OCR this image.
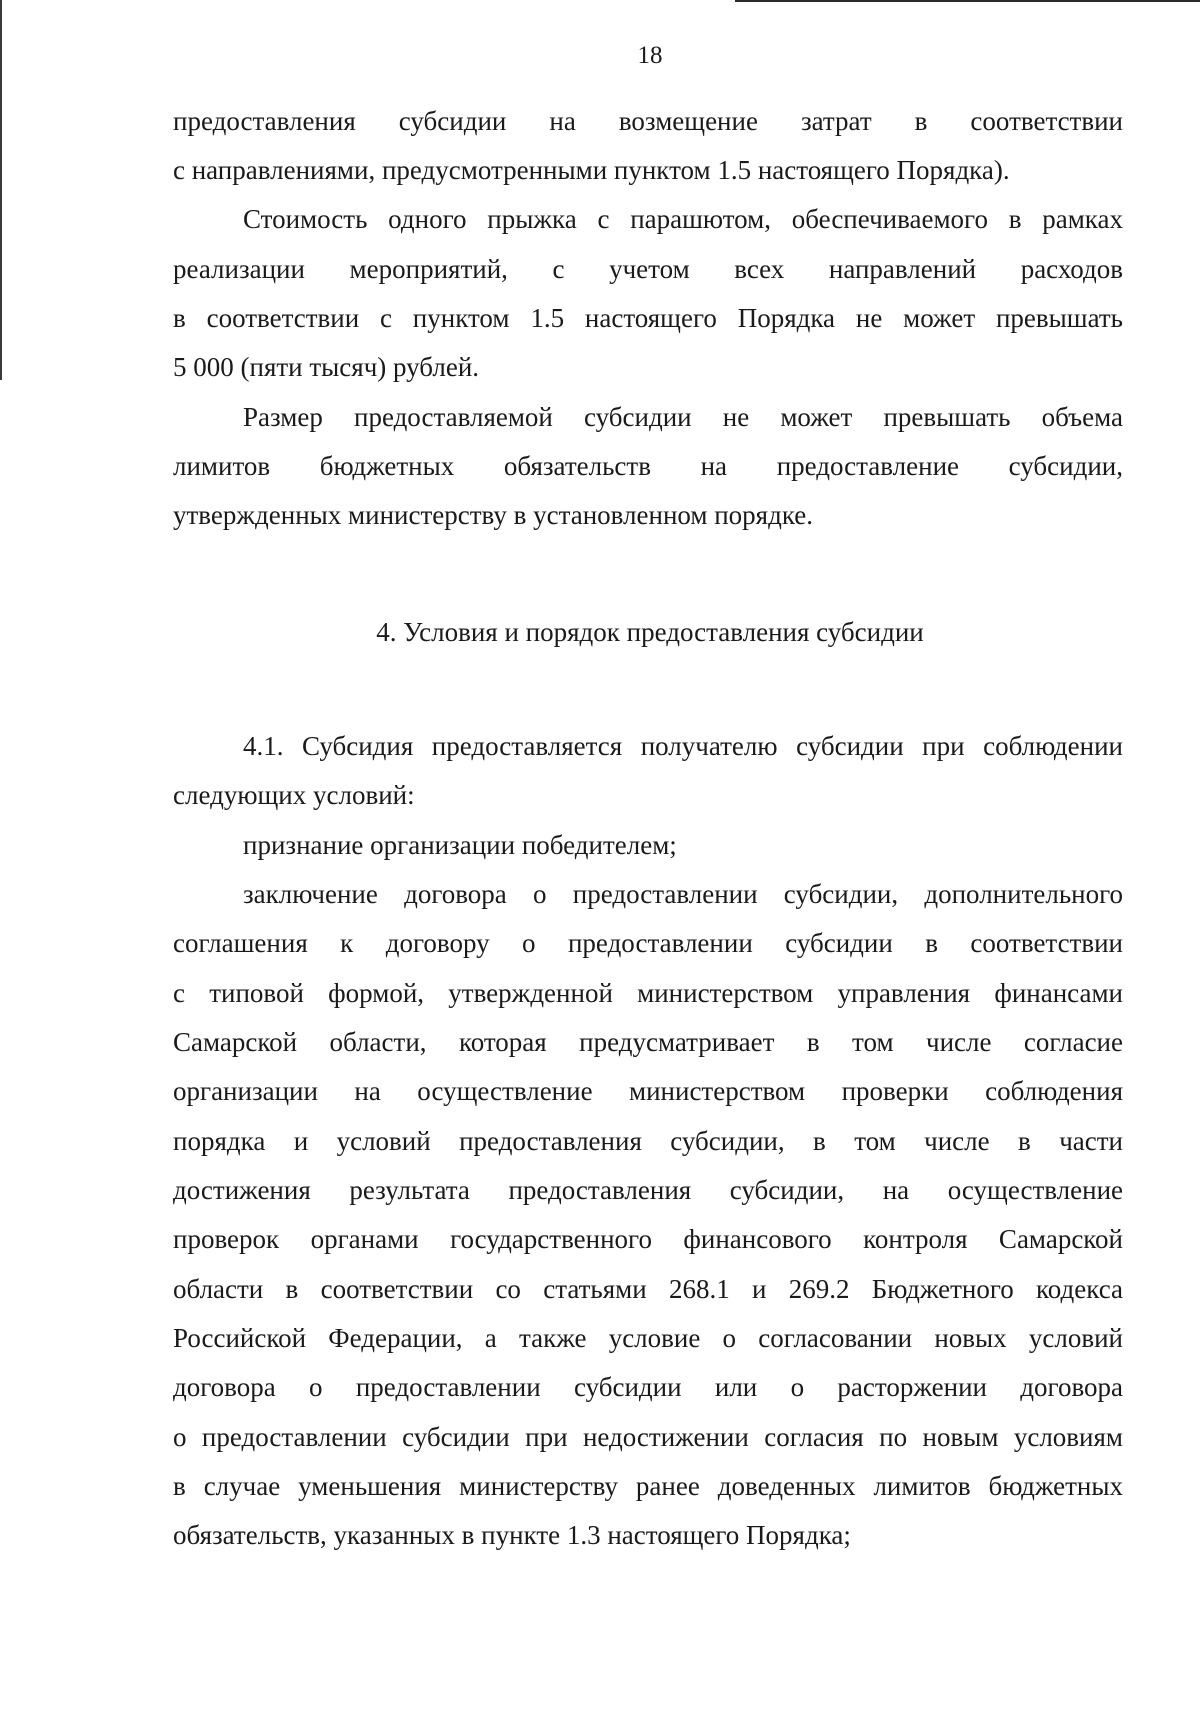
18
предоставления субсидии на возмещение затрат в соответствии
с направлениями, предусмотренными пунктом 1.5 настоящего Порядка).
Стоимость одного прыжка с парашютом, обеспечиваемого в рамках
реализации мероприятий, с учетом всех направлений расходов
в соответствии с пунктом 1.5 настоящего Порядка не может превышать
5 000 (пяти тысяч) рублей.
Размер предоставляемой субсидии не может превышать объема
лимитов бюджетных обязательств на предоставление субсидии,
утвержденных министерству в установленном порядке.
4. Условия и порядок предоставления субсидии
4.1. Субсидия предоставляется получателю субсидии при соблюдении
следующих условий:
признание организации победителем;
заключение договора о предоставлении субсидии, дополнительного
соглашения к договору о предоставлении субсидии в соответствии
с типовой формой, утвержденной министерством управления финансами
Самарской области, которая предусматривает в том числе согласие
организации на осуществление министерством проверки соблюдения
порядка и условий предоставления субсидии, в том числе в части
достижения результата предоставления субсидии, на осуществление
проверок органами государственного финансового контроля Самарской
области в соответствии со статьями 268.1 и 269.2 Бюджетного кодекса
Российской Федерации, а также условие о согласовании новых условий
договора о предоставлении субсидии или о расторжении договора
о предоставлении субсидии при недостижении согласия по новым условиям
в случае уменьшения министерству ранее доведенных лимитов бюджетных
обязательств, указанных в пункте 1.3 настоящего Порядка;
